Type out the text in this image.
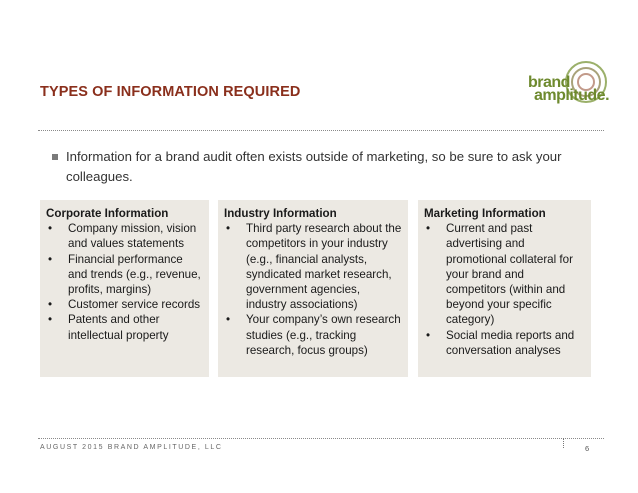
TYPES OF INFORMATION REQUIRED
brand
amplitude.
Information for a brand audit often exists outside of marketing, so be sure to ask your colleagues.
Corporate Information
• Company mission, vision and values statements
• Financial performance and trends (e.g., revenue, profits, margins)
• Customer service records
• Patents and other intellectual property
Industry Information
• Third party research about the competitors in your industry (e.g., financial analysts, syndicated market research, government agencies, industry associations)
• Your company’s own research studies (e.g., tracking research, focus groups)
Marketing Information
• Current and past advertising and promotional collateral for your brand and competitors (within and beyond your specific category)
• Social media reports and conversation analyses
AUGUST 2015 BRAND AMPLITUDE, LLC	6
